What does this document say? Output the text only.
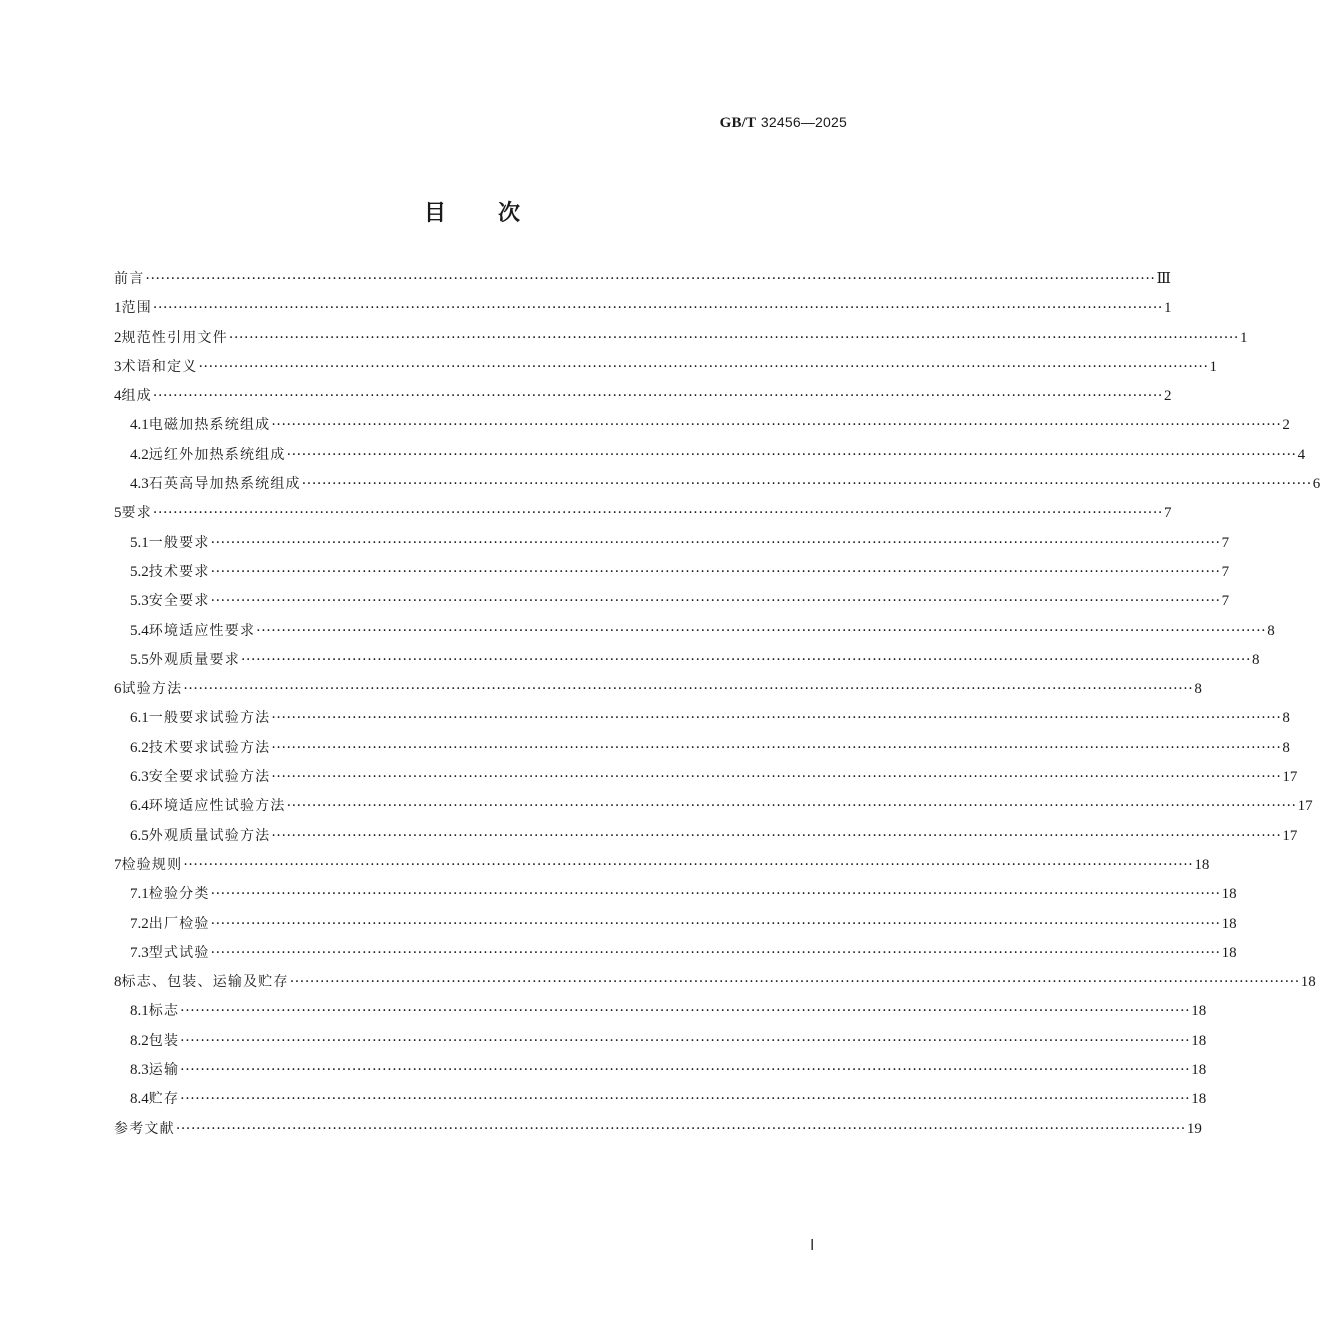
GB/T 32456—2025
目次
前言 ········································································································································································································ Ⅲ
1 范围 ········································································································································································································ 1
2 规范性引用文件 ········································································································································································································ 1
3 术语和定义 ········································································································································································································ 1
4 组成 ········································································································································································································ 2
4.1 电磁加热系统组成 ········································································································································································································ 2
4.2 远红外加热系统组成 ········································································································································································································ 4
4.3 石英高导加热系统组成 ········································································································································································································ 6
5 要求 ········································································································································································································ 7
5.1 一般要求 ········································································································································································································ 7
5.2 技术要求 ········································································································································································································ 7
5.3 安全要求 ········································································································································································································ 7
5.4 环境适应性要求 ········································································································································································································ 8
5.5 外观质量要求 ········································································································································································································ 8
6 试验方法 ········································································································································································································ 8
6.1 一般要求试验方法 ········································································································································································································ 8
6.2 技术要求试验方法 ········································································································································································································ 8
6.3 安全要求试验方法 ········································································································································································································ 17
6.4 环境适应性试验方法 ········································································································································································································ 17
6.5 外观质量试验方法 ········································································································································································································ 17
7 检验规则 ········································································································································································································ 18
7.1 检验分类 ········································································································································································································ 18
7.2 出厂检验 ········································································································································································································ 18
7.3 型式试验 ········································································································································································································ 18
8 标志、包装、运输及贮存 ········································································································································································································ 18
8.1 标志 ········································································································································································································ 18
8.2 包装 ········································································································································································································ 18
8.3 运输 ········································································································································································································ 18
8.4 贮存 ········································································································································································································ 18
参考文献 ········································································································································································································ 19
Ⅰ
